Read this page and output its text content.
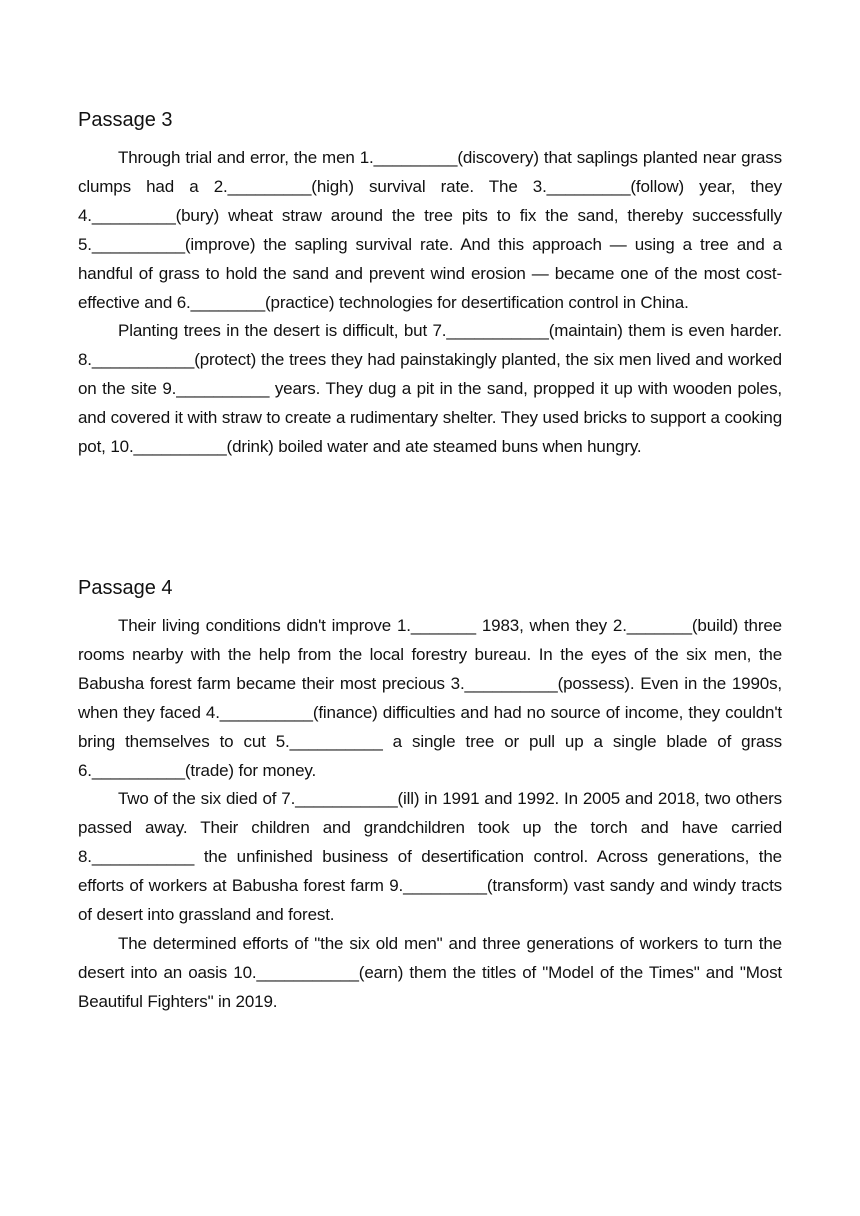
Passage 3

Through trial and error, the men 1._________(discovery) that saplings planted near grass clumps had a 2._________(high) survival rate. The 3._________(follow) year, they 4._________(bury) wheat straw around the tree pits to fix the sand, thereby successfully 5.__________(improve) the sapling survival rate. And this approach — using a tree and a handful of grass to hold the sand and prevent wind erosion — became one of the most cost-effective and 6.________(practice) technologies for desertification control in China.

Planting trees in the desert is difficult, but 7.___________(maintain) them is even harder. 8.___________(protect) the trees they had painstakingly planted, the six men lived and worked on the site 9.__________ years. They dug a pit in the sand, propped it up with wooden poles, and covered it with straw to create a rudimentary shelter. They used bricks to support a cooking pot, 10.__________(drink) boiled water and ate steamed buns when hungry.

Passage 4

Their living conditions didn't improve 1._______ 1983, when they 2._______(build) three rooms nearby with the help from the local forestry bureau. In the eyes of the six men, the Babusha forest farm became their most precious 3.__________(possess). Even in the 1990s, when they faced 4.__________(finance) difficulties and had no source of income, they couldn't bring themselves to cut 5.__________ a single tree or pull up a single blade of grass 6.__________(trade) for money.

Two of the six died of 7.___________(ill) in 1991 and 1992. In 2005 and 2018, two others passed away. Their children and grandchildren took up the torch and have carried 8.___________ the unfinished business of desertification control. Across generations, the efforts of workers at Babusha forest farm 9._________(transform) vast sandy and windy tracts of desert into grassland and forest.

The determined efforts of "the six old men" and three generations of workers to turn the desert into an oasis 10.___________(earn) them the titles of "Model of the Times" and "Most Beautiful Fighters" in 2019.
